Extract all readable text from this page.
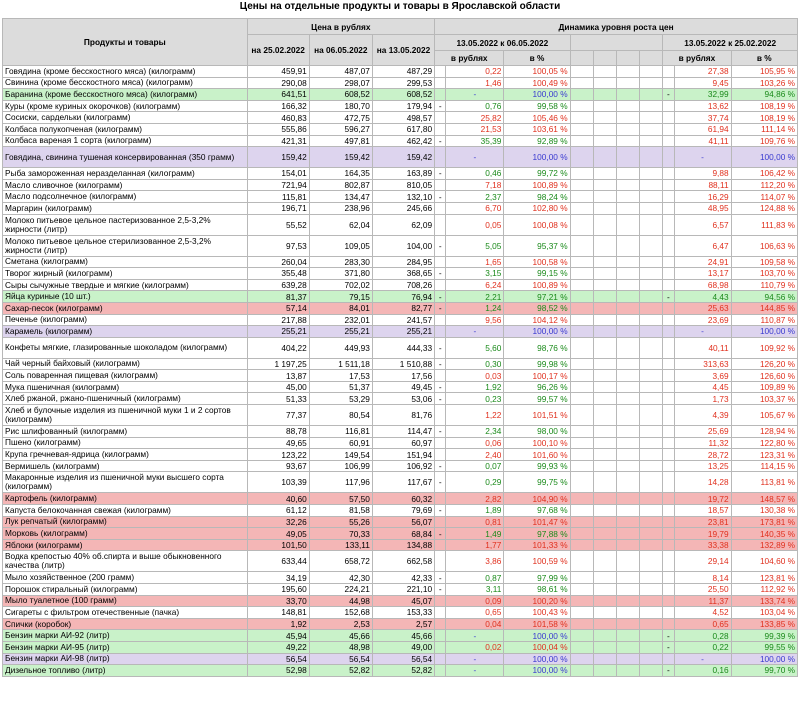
Цены на отдельные продукты и товары в Ярославской области
Продукты и товары	Цена в рублях			Динамика уровня роста цен									
	на 25.02.2022	на 06.05.2022	на 13.05.2022	13.05.2022 к 06.05.2022							13.05.2022 к 25.02.2022		
				в рублях		в %					в рублях		в %
Говядина (кроме бесскостного мяса) (килограмм)	459,91	487,07	487,29		0,22	100,05 %						27,38	105,95 %
Свинина (кроме бесскостного мяса) (килограмм)	290,08	298,07	299,53		1,46	100,49 %						9,45	103,26 %
Баранина (кроме бесскостного мяса) (килограмм)	641,51	608,52	608,52		-	100,00 %					-	32,99	94,86 %
Куры (кроме куриных окорочков) (килограмм)	166,32	180,70	179,94	-	0,76	99,58 %						13,62	108,19 %
Сосиски, сардельки (килограмм)	460,83	472,75	498,57		25,82	105,46 %						37,74	108,19 %
Колбаса полукопченая (килограмм)	555,86	596,27	617,80		21,53	103,61 %						61,94	111,14 %
Колбаса вареная 1 сорта (килограмм)	421,31	497,81	462,42	-	35,39	92,89 %						41,11	109,76 %
Говядина, свинина тушеная консервированная (350 грамм)	159,42	159,42	159,42		-	100,00 %						-	100,00 %
Рыба замороженная неразделанная (килограмм)	154,01	164,35	163,89	-	0,46	99,72 %						9,88	106,42 %
Масло сливочное (килограмм)	721,94	802,87	810,05		7,18	100,89 %						88,11	112,20 %
Масло подсолнечное (килограмм)	115,81	134,47	132,10	-	2,37	98,24 %						16,29	114,07 %
Маргарин (килограмм)	196,71	238,96	245,66		6,70	102,80 %						48,95	124,88 %
Молоко питьевое цельное пастеризованное 2,5-3,2% жирности (литр)	55,52	62,04	62,09		0,05	100,08 %						6,57	111,83 %
Молоко питьевое цельное стерилизованное 2,5-3,2% жирности (литр)	97,53	109,05	104,00	-	5,05	95,37 %						6,47	106,63 %
Сметана (килограмм)	260,04	283,30	284,95		1,65	100,58 %						24,91	109,58 %
Творог жирный (килограмм)	355,48	371,80	368,65	-	3,15	99,15 %						13,17	103,70 %
Сыры сычужные твердые и мягкие (килограмм)	639,28	702,02	708,26		6,24	100,89 %						68,98	110,79 %
Яйца куриные (10 шт.)	81,37	79,15	76,94	-	2,21	97,21 %					-	4,43	94,56 %
Сахар-песок (килограмм)	57,14	84,01	82,77	-	1,24	98,52 %						25,63	144,85 %
Печенье (килограмм)	217,88	232,01	241,57		9,56	104,12 %						23,69	110,87 %
Карамель (килограмм)	255,21	255,21	255,21		-	100,00 %						-	100,00 %
Конфеты мягкие, глазированные шоколадом (килограмм)	404,22	449,93	444,33	-	5,60	98,76 %						40,11	109,92 %
Чай черный байховый (килограмм)	1 197,25	1 511,18	1 510,88	-	0,30	99,98 %						313,63	126,20 %
Соль поваренная пищевая (килограмм)	13,87	17,53	17,56		0,03	100,17 %						3,69	126,60 %
Мука пшеничная (килограмм)	45,00	51,37	49,45	-	1,92	96,26 %						4,45	109,89 %
Хлеб ржаной, ржано-пшеничный (килограмм)	51,33	53,29	53,06	-	0,23	99,57 %						1,73	103,37 %
Хлеб и булочные изделия из пшеничной муки 1 и 2 сортов (килограмм)	77,37	80,54	81,76		1,22	101,51 %						4,39	105,67 %
Рис шлифованный (килограмм)	88,78	116,81	114,47	-	2,34	98,00 %						25,69	128,94 %
Пшено (килограмм)	49,65	60,91	60,97		0,06	100,10 %						11,32	122,80 %
Крупа гречневая-ядрица (килограмм)	123,22	149,54	151,94		2,40	101,60 %						28,72	123,31 %
Вермишель (килограмм)	93,67	106,99	106,92	-	0,07	99,93 %						13,25	114,15 %
Макаронные изделия из пшеничной муки высшего сорта (килограмм)	103,39	117,96	117,67	-	0,29	99,75 %						14,28	113,81 %
Картофель (килограмм)	40,60	57,50	60,32		2,82	104,90 %						19,72	148,57 %
Капуста белокочанная свежая (килограмм)	61,12	81,58	79,69	-	1,89	97,68 %						18,57	130,38 %
Лук репчатый (килограмм)	32,26	55,26	56,07		0,81	101,47 %						23,81	173,81 %
Морковь (килограмм)	49,05	70,33	68,84	-	1,49	97,88 %						19,79	140,35 %
Яблоки (килограмм)	101,50	133,11	134,88		1,77	101,33 %						33,38	132,89 %
Водка крепостью 40% об.спирта и выше обыкновенного качества (литр)	633,44	658,72	662,58		3,86	100,59 %						29,14	104,60 %
Мыло хозяйственное (200 грамм)	34,19	42,30	42,33	-	0,87	97,99 %						8,14	123,81 %
Порошок стиральный (килограмм)	195,60	224,21	221,10	-	3,11	98,61 %						25,50	112,92 %
Мыло туалетное (100 грамм)	33,70	44,98	45,07		0,09	100,20 %						11,37	133,74 %
Сигареты с фильтром отечественные (пачка)	148,81	152,68	153,33		0,65	100,43 %						4,52	103,04 %
Спички (коробок)	1,92	2,53	2,57		0,04	101,58 %						0,65	133,85 %
Бензин марки АИ-92 (литр)	45,94	45,66	45,66		-	100,00 %					-	0,28	99,39 %
Бензин марки АИ-95 (литр)	49,22	48,98	49,00		0,02	100,04 %					-	0,22	99,55 %
Бензин марки АИ-98 (литр)	56,54	56,54	56,54		-	100,00 %						-	100,00 %
Дизельное топливо (литр)	52,98	52,82	52,82		-	100,00 %					-	0,16	99,70 %
